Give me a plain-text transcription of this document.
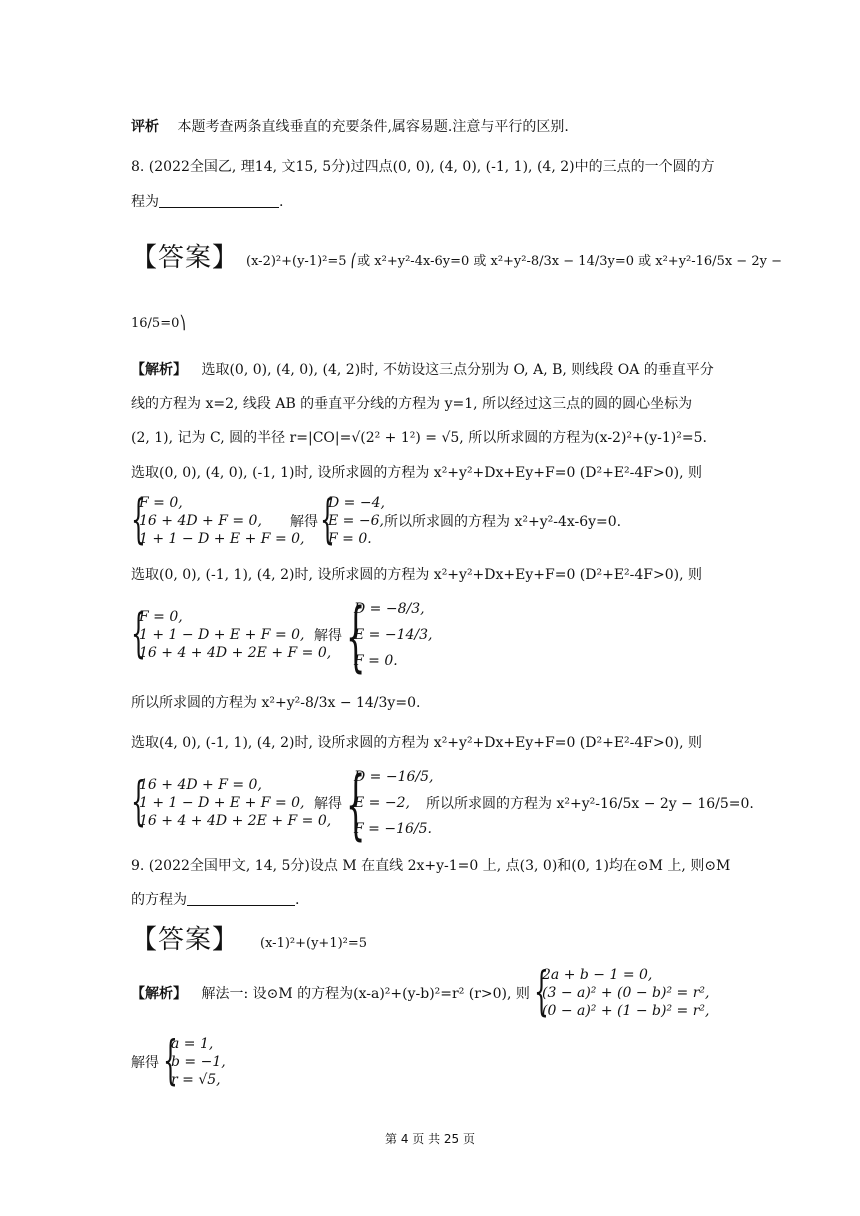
评析 本题考查两条直线垂直的充要条件,属容易题.注意与平行的区别.
8. (2022全国乙, 理14, 文15, 5分)过四点(0, 0), (4, 0), (-1, 1), (4, 2)中的三点的一个圆的方
程为	.
【答案】 (x-2)²+(y-1)²=5 ⎛或 x²+y²-4x-6y=0 或 x²+y²-8/3x − 14/3y=0 或 x²+y²-16/5x − 2y −
16/5=0⎞
【解析】 选取(0, 0), (4, 0), (4, 2)时, 不妨设这三点分别为 O, A, B, 则线段 OA 的垂直平分
线的方程为 x=2, 线段 AB 的垂直平分线的方程为 y=1, 所以经过这三点的圆的圆心坐标为
(2, 1), 记为 C, 圆的半径 r=|CO|=√(2² + 1²) = √5, 所以所求圆的方程为(x-2)²+(y-1)²=5.
选取(0, 0), (4, 0), (-1, 1)时, 设所求圆的方程为 x²+y²+Dx+Ey+F=0 (D²+E²-4F>0), 则
{
F = 0,
16 + 4D + F = 0,
1 + 1 − D + E + F = 0,
解得 {
D = −4,
E = −6,
F = 0.
所以所求圆的方程为 x²+y²-4x-6y=0.
选取(0, 0), (-1, 1), (4, 2)时, 设所求圆的方程为 x²+y²+Dx+Ey+F=0 (D²+E²-4F>0), 则
{
F = 0,
1 + 1 − D + E + F = 0,
16 + 4 + 4D + 2E + F = 0,
解得 {
D = −8/3,
E = −14/3,
F = 0.
所以所求圆的方程为 x²+y²-8/3x − 14/3y=0.
选取(4, 0), (-1, 1), (4, 2)时, 设所求圆的方程为 x²+y²+Dx+Ey+F=0 (D²+E²-4F>0), 则
{
16 + 4D + F = 0,
1 + 1 − D + E + F = 0,
16 + 4 + 4D + 2E + F = 0,
解得 {
D = −16/5,
E = −2,
F = −16/5.
所以所求圆的方程为 x²+y²-16/5x − 2y − 16/5=0.
9. (2022全国甲文, 14, 5分)设点 M 在直线 2x+y-1=0 上, 点(3, 0)和(0, 1)均在⊙M 上, 则⊙M
的方程为	.
【答案】 (x-1)²+(y+1)²=5
【解析】 解法一: 设⊙M 的方程为(x-a)²+(y-b)²=r² (r>0), 则 {
2a + b − 1 = 0,
(3 − a)² + (0 − b)² = r²,
(0 − a)² + (1 − b)² = r²,
解得 {
a = 1,
b = −1,
r = √5,
第 4 页 共 25 页
